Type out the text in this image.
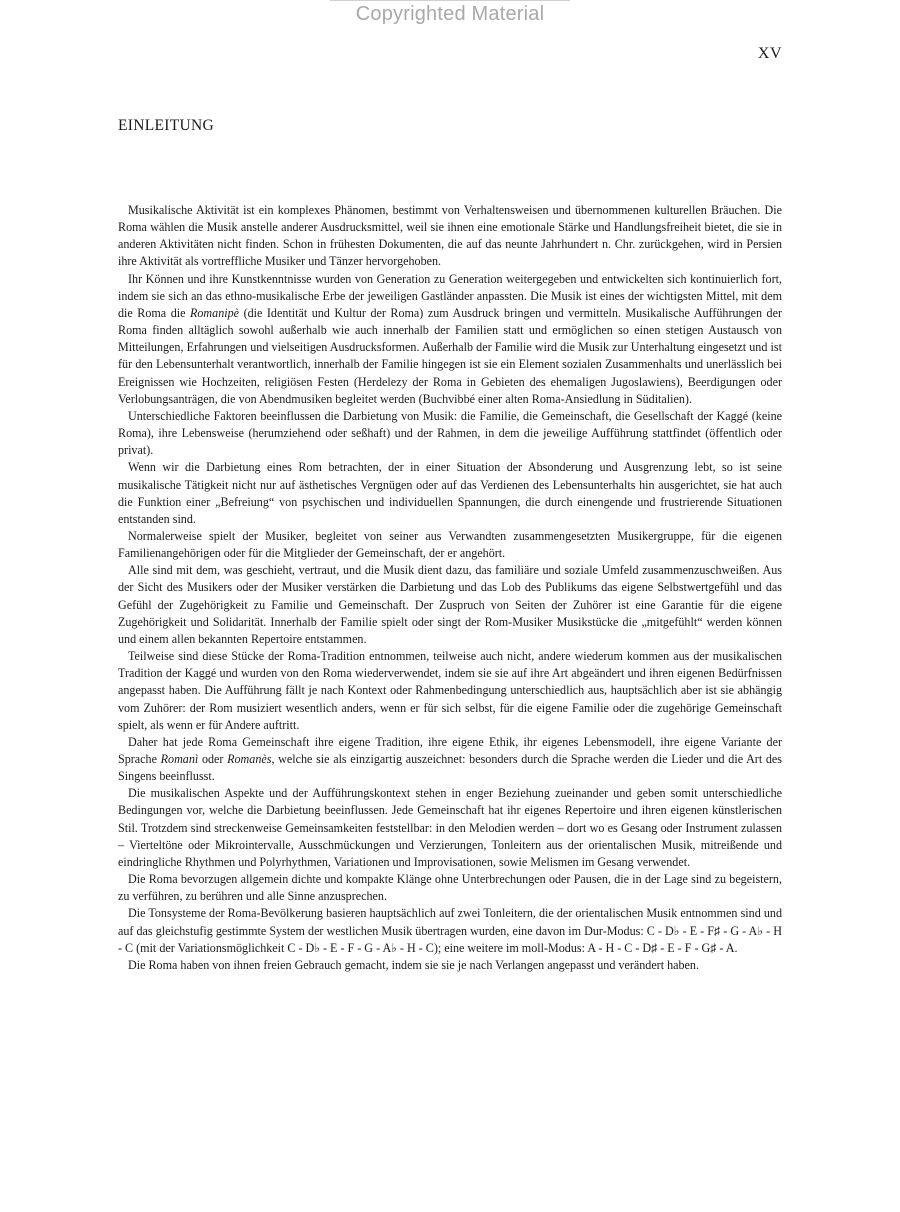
Copyrighted Material
XV
EINLEITUNG

Musikalische Aktivität ist ein komplexes Phänomen, bestimmt von Verhaltensweisen und übernommenen kulturellen Bräuchen. Die Roma wählen die Musik anstelle anderer Ausdrucksmittel, weil sie ihnen eine emotionale Stärke und Handlungsfreiheit bietet, die sie in anderen Aktivitäten nicht finden. Schon in frühesten Dokumenten, die auf das neunte Jahrhundert n. Chr. zurückgehen, wird in Persien ihre Aktivität als vortreffliche Musiker und Tänzer hervorgehoben.

Ihr Können und ihre Kunstkenntnisse wurden von Generation zu Generation weitergegeben und entwickelten sich kontinuierlich fort, indem sie sich an das ethno-musikalische Erbe der jeweiligen Gastländer anpassten. Die Musik ist eines der wichtigsten Mittel, mit dem die Roma die Romanipè (die Identität und Kultur der Roma) zum Ausdruck bringen und vermitteln. Musikalische Aufführungen der Roma finden alltäglich sowohl außerhalb wie auch innerhalb der Familien statt und ermöglichen so einen stetigen Austausch von Mitteilungen, Erfahrungen und vielseitigen Ausdrucksformen. Außerhalb der Familie wird die Musik zur Unterhaltung eingesetzt und ist für den Lebensunterhalt verantwortlich, innerhalb der Familie hingegen ist sie ein Element sozialen Zusammenhalts und unerlässlich bei Ereignissen wie Hochzeiten, religiösen Festen (Herdelezy der Roma in Gebieten des ehemaligen Jugoslawiens), Beerdigungen oder Verlobungsanträgen, die von Abendmusiken begleitet werden (Buchvibbé einer alten Roma-Ansiedlung in Süditalien).

Unterschiedliche Faktoren beeinflussen die Darbietung von Musik: die Familie, die Gemeinschaft, die Gesellschaft der Kaggé (keine Roma), ihre Lebensweise (herumziehend oder seßhaft) und der Rahmen, in dem die jeweilige Aufführung stattfindet (öffentlich oder privat).

Wenn wir die Darbietung eines Rom betrachten, der in einer Situation der Absonderung und Ausgrenzung lebt, so ist seine musikalische Tätigkeit nicht nur auf ästhetisches Vergnügen oder auf das Verdienen des Lebensunterhalts hin ausgerichtet, sie hat auch die Funktion einer „Befreiung“ von psychischen und individuellen Spannungen, die durch einengende und frustrierende Situationen entstanden sind.

Normalerweise spielt der Musiker, begleitet von seiner aus Verwandten zusammengesetzten Musikergruppe, für die eigenen Familienangehörigen oder für die Mitglieder der Gemeinschaft, der er angehört.

Alle sind mit dem, was geschieht, vertraut, und die Musik dient dazu, das familiäre und soziale Umfeld zusammenzuschweißen. Aus der Sicht des Musikers oder der Musiker verstärken die Darbietung und das Lob des Publikums das eigene Selbstwertgefühl und das Gefühl der Zugehörigkeit zu Familie und Gemeinschaft. Der Zuspruch von Seiten der Zuhörer ist eine Garantie für die eigene Zugehörigkeit und Solidarität. Innerhalb der Familie spielt oder singt der Rom-Musiker Musikstücke die „mitgefühlt“ werden können und einem allen bekannten Repertoire entstammen.

Teilweise sind diese Stücke der Roma-Tradition entnommen, teilweise auch nicht, andere wiederum kommen aus der musikalischen Tradition der Kaggé und wurden von den Roma wiederverwendet, indem sie sie auf ihre Art abgeändert und ihren eigenen Bedürfnissen angepasst haben. Die Aufführung fällt je nach Kontext oder Rahmenbedingung unterschiedlich aus, hauptsächlich aber ist sie abhängig vom Zuhörer: der Rom musiziert wesentlich anders, wenn er für sich selbst, für die eigene Familie oder die zugehörige Gemeinschaft spielt, als wenn er für Andere auftritt.

Daher hat jede Roma Gemeinschaft ihre eigene Tradition, ihre eigene Ethik, ihr eigenes Lebensmodell, ihre eigene Variante der Sprache Romanì oder Romanès, welche sie als einzigartig auszeichnet: besonders durch die Sprache werden die Lieder und die Art des Singens beeinflusst.

Die musikalischen Aspekte und der Aufführungskontext stehen in enger Beziehung zueinander und geben somit unterschiedliche Bedingungen vor, welche die Darbietung beeinflussen. Jede Gemeinschaft hat ihr eigenes Repertoire und ihren eigenen künstlerischen Stil. Trotzdem sind streckenweise Gemeinsamkeiten feststellbar: in den Melodien werden – dort wo es Gesang oder Instrument zulassen – Vierteltöne oder Mikrointervalle, Ausschmückungen und Verzierungen, Tonleitern aus der orientalischen Musik, mitreißende und eindringliche Rhythmen und Polyrhythmen, Variationen und Improvisationen, sowie Melismen im Gesang verwendet.

Die Roma bevorzugen allgemein dichte und kompakte Klänge ohne Unterbrechungen oder Pausen, die in der Lage sind zu begeistern, zu verführen, zu berühren und alle Sinne anzusprechen.

Die Tonsysteme der Roma-Bevölkerung basieren hauptsächlich auf zwei Tonleitern, die der orientalischen Musik entnommen sind und auf das gleichstufig gestimmte System der westlichen Musik übertragen wurden, eine davon im Dur-Modus: C - D♭ - E - F♯ - G - A♭ - H - C (mit der Variationsmöglichkeit C - D♭ - E - F - G - A♭ - H - C); eine weitere im moll-Modus: A - H - C - D♯ - E - F - G♯ - A.

Die Roma haben von ihnen freien Gebrauch gemacht, indem sie sie je nach Verlangen angepasst und verändert haben.
